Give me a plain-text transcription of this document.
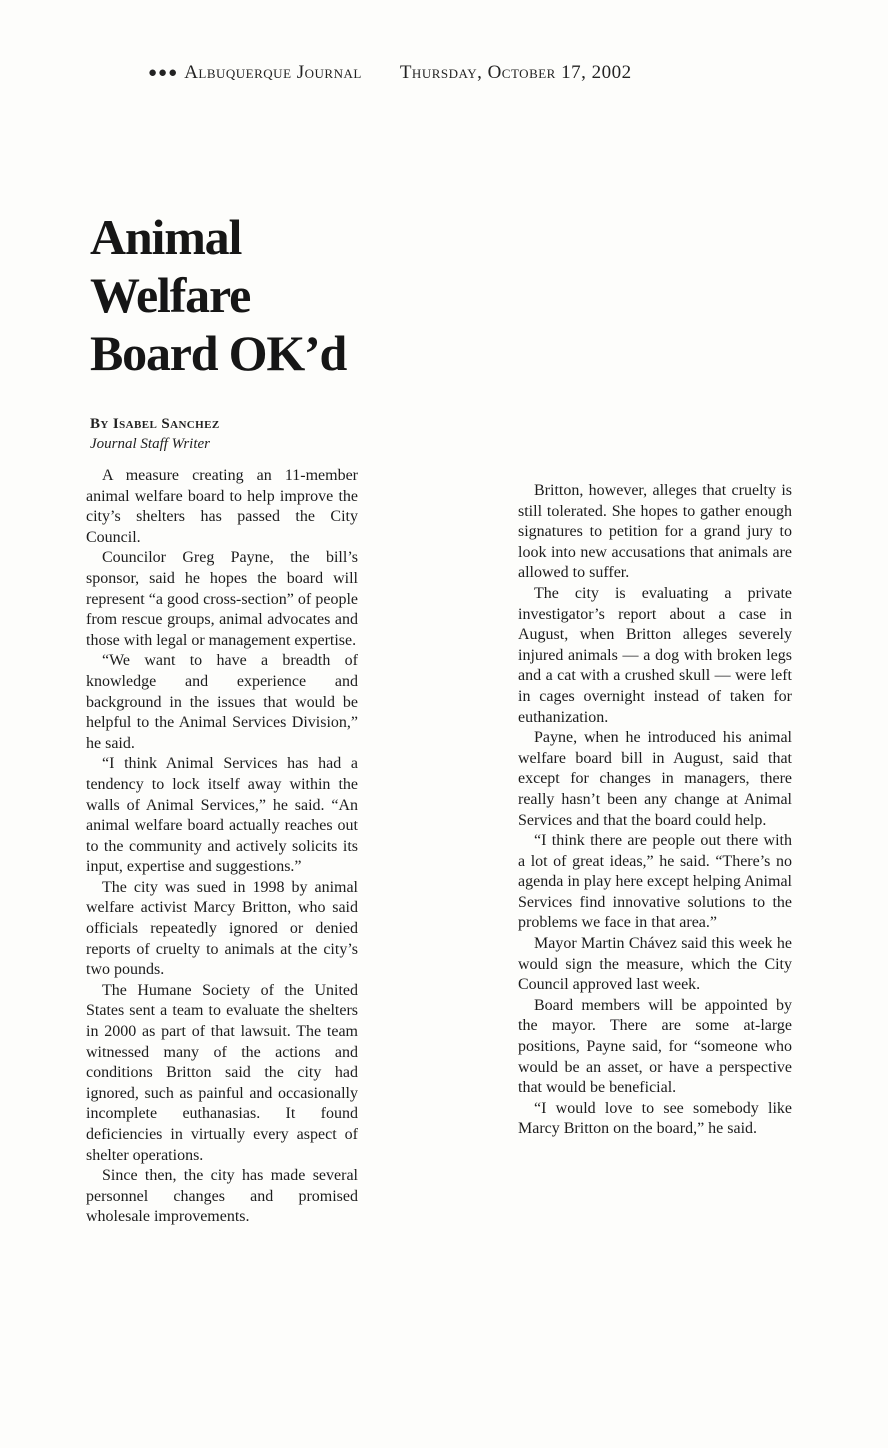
●●● Albuquerque Journal Thursday, October 17, 2002
Animal
Welfare
Board OK’d
By Isabel Sanchez
Journal Staff Writer

A measure creating an 11-member animal welfare board to help improve the city’s shelters has passed the City Council.

Councilor Greg Payne, the bill’s sponsor, said he hopes the board will represent “a good cross-section” of people from rescue groups, animal advocates and those with legal or management expertise.

“We want to have a breadth of knowledge and experience and background in the issues that would be helpful to the Animal Services Division,” he said.

“I think Animal Services has had a tendency to lock itself away within the walls of Animal Services,” he said. “An animal welfare board actually reaches out to the community and actively solicits its input, expertise and suggestions.”

The city was sued in 1998 by animal welfare activist Marcy Britton, who said officials repeatedly ignored or denied reports of cruelty to animals at the city’s two pounds.

The Humane Society of the United States sent a team to evaluate the shelters in 2000 as part of that lawsuit. The team witnessed many of the actions and conditions Britton said the city had ignored, such as painful and occasionally incomplete euthanasias. It found deficiencies in virtually every aspect of shelter operations.

Since then, the city has made several personnel changes and promised wholesale improvements.

Britton, however, alleges that cruelty is still tolerated. She hopes to gather enough signatures to petition for a grand jury to look into new accusations that animals are allowed to suffer.

The city is evaluating a private investigator’s report about a case in August, when Britton alleges severely injured animals — a dog with broken legs and a cat with a crushed skull — were left in cages overnight instead of taken for euthanization.

Payne, when he introduced his animal welfare board bill in August, said that except for changes in managers, there really hasn’t been any change at Animal Services and that the board could help.

“I think there are people out there with a lot of great ideas,” he said. “There’s no agenda in play here except helping Animal Services find innovative solutions to the problems we face in that area.”

Mayor Martin Chávez said this week he would sign the measure, which the City Council approved last week.

Board members will be appointed by the mayor. There are some at-large positions, Payne said, for “someone who would be an asset, or have a perspective that would be beneficial.

“I would love to see somebody like Marcy Britton on the board,” he said.
